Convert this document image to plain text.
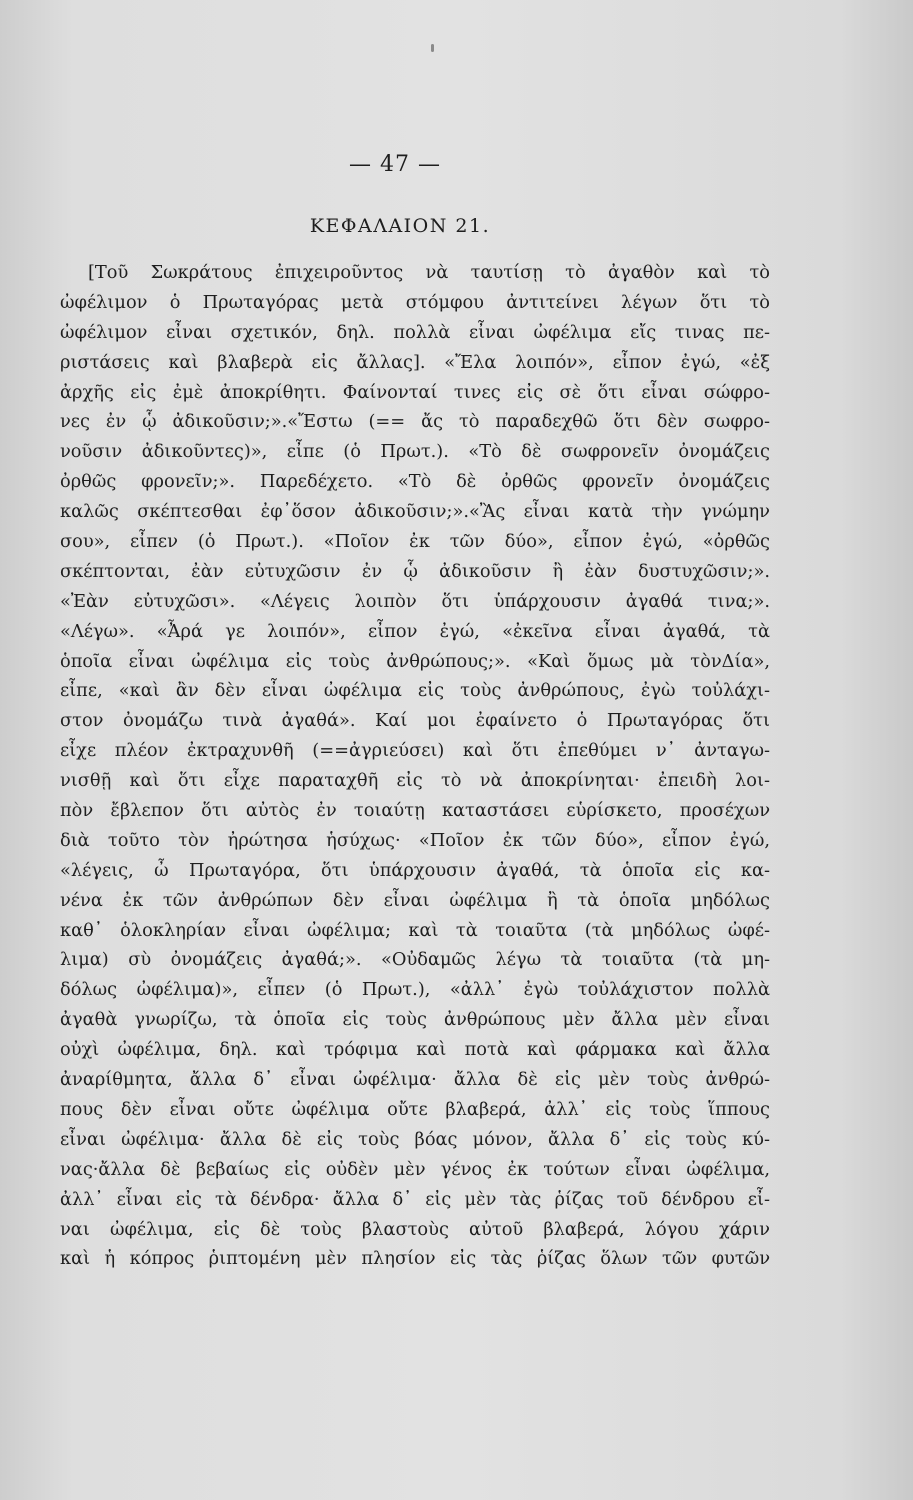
— 47 —
ΚΕΦΑΛΑΙΟΝ 21.
[Τοῦ Σωκράτους ἐπιχειροῦντος νὰ ταυτίσῃ τὸ ἀγαθὸν καὶ τὸ
ὠφέλιμον ὁ Πρωταγόρας μετὰ στόμφου ἀντιτείνει λέγων ὅτι τὸ
ὠφέλιμον εἶναι σχετικόν, δηλ. πολλὰ εἶναι ὠφέλιμα εἴς τινας πε-
ριστάσεις καὶ βλαβερὰ εἰς ἄλλας]. «Ἔλα λοιπόν», εἶπον ἐγώ, «ἐξ
ἀρχῆς εἰς ἐμὲ ἀποκρίθητι. Φαίνονταί τινες εἰς σὲ ὅτι εἶναι σώφρο-
νες ἐν ᾧ ἀδικοῦσιν;».«Ἔστω (== ἄς τὸ παραδεχθῶ ὅτι δὲν σωφρο-
νοῦσιν ἀδικοῦντες)», εἶπε (ὁ Πρωτ.). «Τὸ δὲ σωφρονεῖν ὀνομάζεις
ὀρθῶς φρονεῖν;». Παρεδέχετο. «Τὸ δὲ ὀρθῶς φρονεῖν ὀνομάζεις
καλῶς σκέπτεσθαι ἐφ᾽ὅσον ἀδικοῦσιν;».«Ἂς εἶναι κατὰ τὴν γνώμην
σου», εἶπεν (ὁ Πρωτ.). «Ποῖον ἐκ τῶν δύο», εἶπον ἐγώ, «ὀρθῶς
σκέπτονται, ἐὰν εὐτυχῶσιν ἐν ᾧ ἀδικοῦσιν ἢ ἐὰν δυστυχῶσιν;».
«Ἐὰν εὐτυχῶσι». «Λέγεις λοιπὸν ὅτι ὑπάρχουσιν ἀγαθά τινα;».
«Λέγω». «Ἆρά γε λοιπόν», εἶπον ἐγώ, «ἐκεῖνα εἶναι ἀγαθά, τὰ
ὁποῖα εἶναι ὠφέλιμα εἰς τοὺς ἀνθρώπους;». «Καὶ ὅμως μὰ τὸνΔία»,
εἶπε, «καὶ ἂν δὲν εἶναι ὠφέλιμα εἰς τοὺς ἀνθρώπους, ἐγὼ τοὐλάχι-
στον ὀνομάζω τινὰ ἀγαθά». Καί μοι ἐφαίνετο ὁ Πρωταγόρας ὅτι
εἶχε πλέον ἐκτραχυνθῆ (==ἀγριεύσει) καὶ ὅτι ἐπεθύμει ν᾽ ἀνταγω-
νισθῇ καὶ ὅτι εἶχε παραταχθῆ εἰς τὸ νὰ ἀποκρίνηται· ἐπειδὴ λοι-
πὸν ἔβλεπον ὅτι αὐτὸς ἐν τοιαύτῃ καταστάσει εὑρίσκετο, προσέχων
διὰ τοῦτο τὸν ἠρώτησα ἡσύχως· «Ποῖον ἐκ τῶν δύο», εἶπον ἐγώ,
«λέγεις, ὦ Πρωταγόρα, ὅτι ὑπάρχουσιν ἀγαθά, τὰ ὁποῖα εἰς κα-
νένα ἐκ τῶν ἀνθρώπων δὲν εἶναι ὠφέλιμα ἢ τὰ ὁποῖα μηδόλως
καθ᾽ ὁλοκληρίαν εἶναι ὠφέλιμα; καὶ τὰ τοιαῦτα (τὰ μηδόλως ὠφέ-
λιμα) σὺ ὀνομάζεις ἀγαθά;». «Οὐδαμῶς λέγω τὰ τοιαῦτα (τὰ μη-
δόλως ὠφέλιμα)», εἶπεν (ὁ Πρωτ.), «ἀλλ᾽ ἐγὼ τοὐλάχιστον πολλὰ
ἀγαθὰ γνωρίζω, τὰ ὁποῖα εἰς τοὺς ἀνθρώπους μὲν ἄλλα μὲν εἶναι
οὐχὶ ὠφέλιμα, δηλ. καὶ τρόφιμα καὶ ποτὰ καὶ φάρμακα καὶ ἄλλα
ἀναρίθμητα, ἄλλα δ᾽ εἶναι ὠφέλιμα· ἄλλα δὲ εἰς μὲν τοὺς ἀνθρώ-
πους δὲν εἶναι οὔτε ὠφέλιμα οὔτε βλαβερά, ἀλλ᾽ εἰς τοὺς ἵππους
εἶναι ὠφέλιμα· ἄλλα δὲ εἰς τοὺς βόας μόνον, ἄλλα δ᾽ εἰς τοὺς κύ-
νας·ἄλλα δὲ βεβαίως εἰς οὐδὲν μὲν γένος ἐκ τούτων εἶναι ὠφέλιμα,
ἀλλ᾽ εἶναι εἰς τὰ δένδρα· ἄλλα δ᾽ εἰς μὲν τὰς ῥίζας τοῦ δένδρου εἶ-
ναι ὠφέλιμα, εἰς δὲ τοὺς βλαστοὺς αὐτοῦ βλαβερά, λόγου χάριν
καὶ ἡ κόπρος ῥιπτομένη μὲν πλησίον εἰς τὰς ῥίζας ὅλων τῶν φυτῶν
